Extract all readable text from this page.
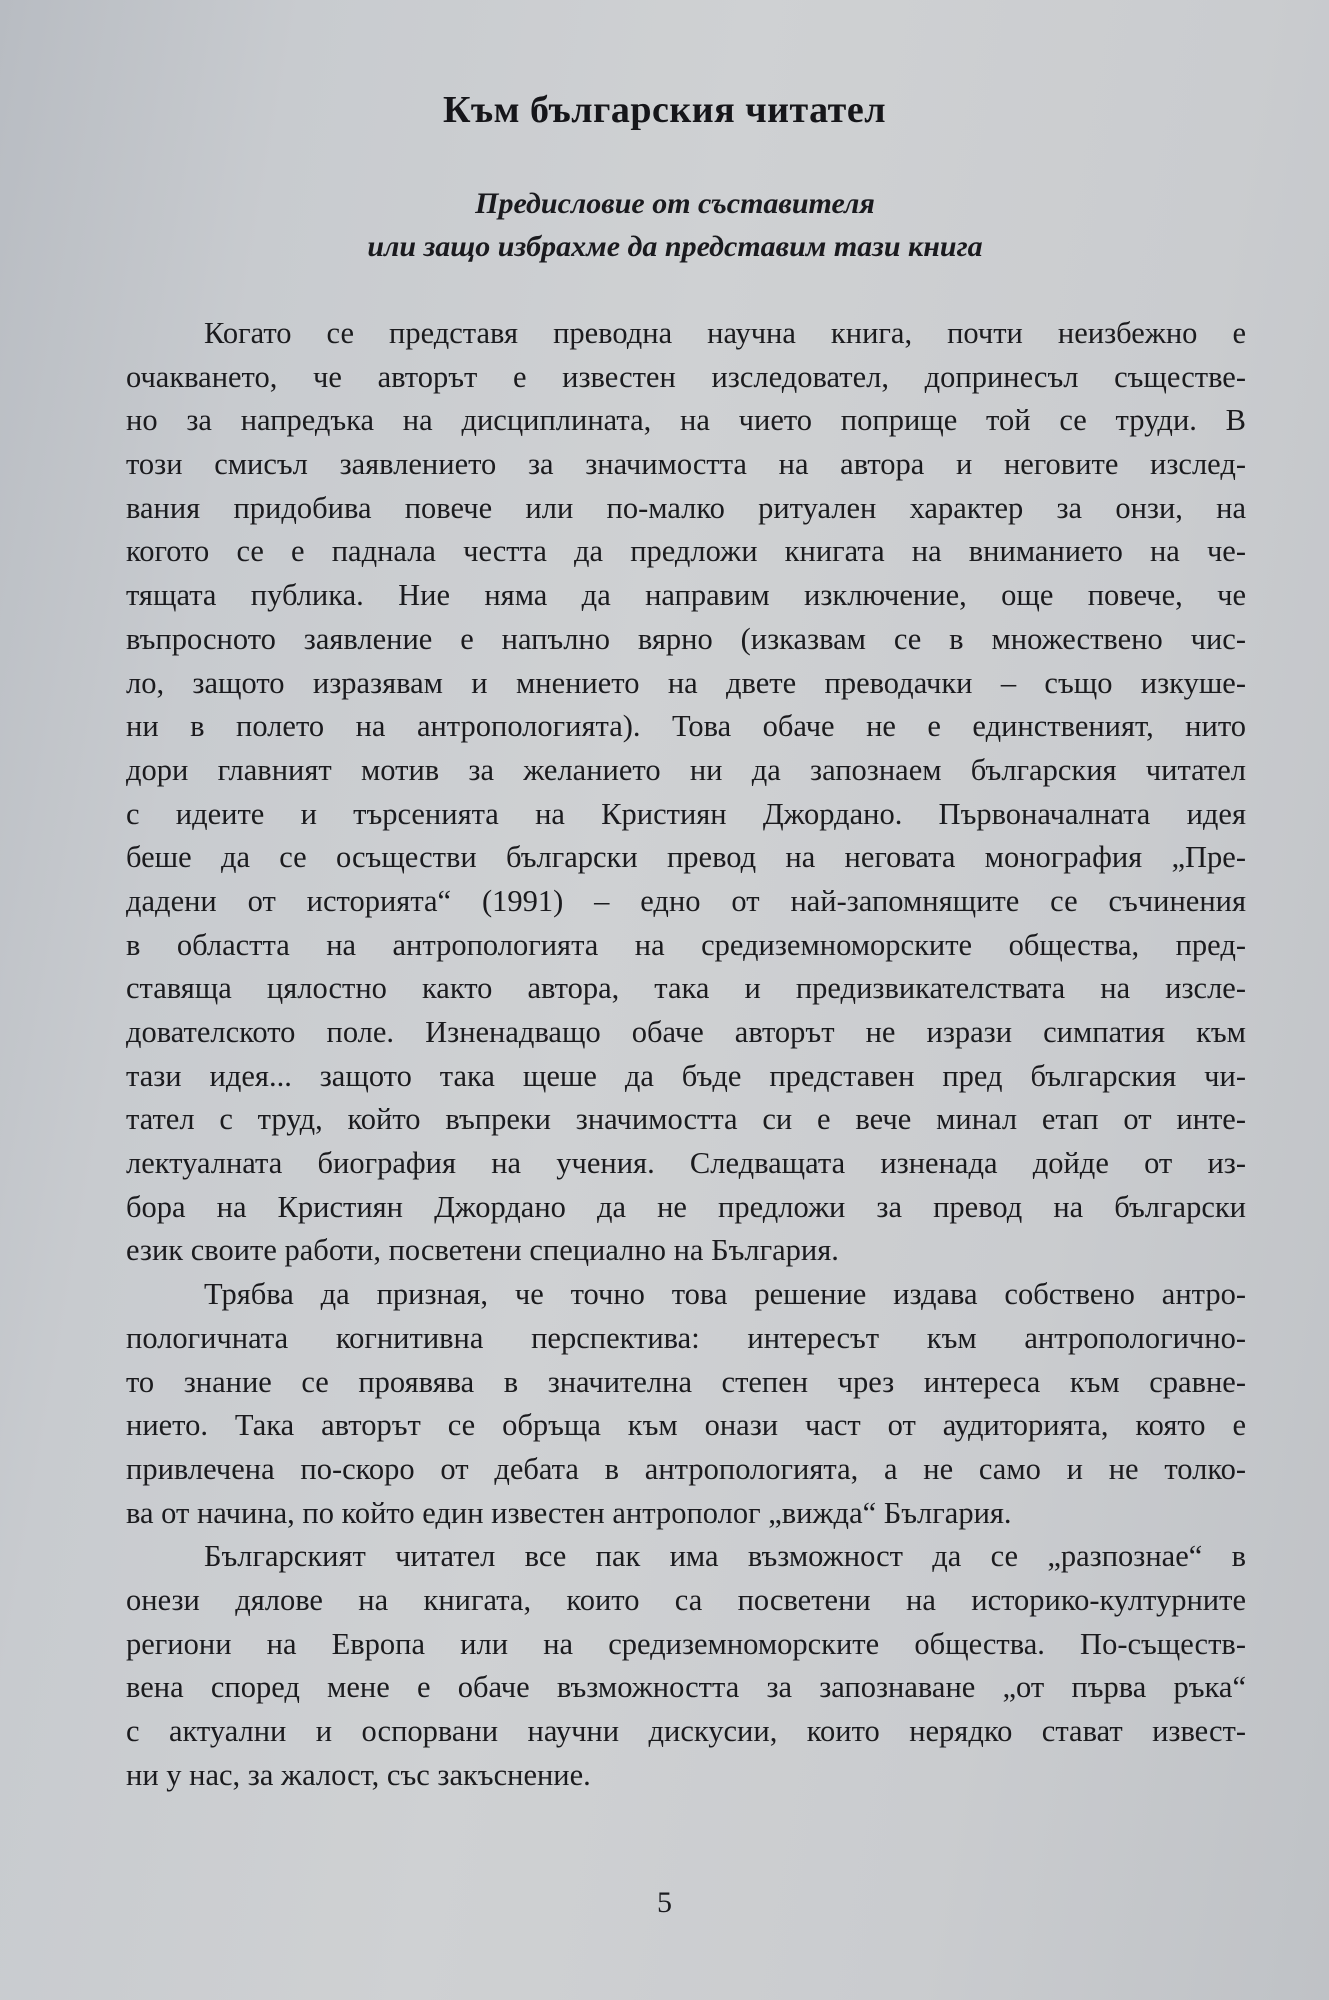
Към българския читател
Предисловие от съставителя
или защо избрахме да представим тази книга
Когато се представя преводна научна книга, почти неизбежно е
очакването, че авторът е известен изследовател, допринесъл съществе-
но за напредъка на дисциплината, на чието поприще той се труди. В
този смисъл заявлението за значимостта на автора и неговите изслед-
вания придобива повече или по-малко ритуален характер за онзи, на
когото се е паднала честта да предложи книгата на вниманието на че-
тящата публика. Ние няма да направим изключение, още повече, че
въпросното заявление е напълно вярно (изказвам се в множествено чис-
ло, защото изразявам и мнението на двете преводачки – също изкуше-
ни в полето на антропологията). Това обаче не е единственият, нито
дори главният мотив за желанието ни да запознаем българския читател
с идеите и търсенията на Кристиян Джордано. Първоначалната идея
беше да се осъществи български превод на неговата монография „Пре-
дадени от историята“ (1991) – едно от най-запомнящите се съчинения
в областта на антропологията на средиземноморските общества, пред-
ставяща цялостно както автора, така и предизвикателствата на изсле-
дователското поле. Изненадващо обаче авторът не изрази симпатия към
тази идея... защото така щеше да бъде представен пред българския чи-
тател с труд, който въпреки значимостта си е вече минал етап от инте-
лектуалната биография на учения. Следващата изненада дойде от из-
бора на Кристиян Джордано да не предложи за превод на български
език своите работи, посветени специално на България.
Трябва да призная, че точно това решение издава собствено антро-
пологичната когнитивна перспектива: интересът към антропологично-
то знание се проявява в значителна степен чрез интереса към сравне-
нието. Така авторът се обръща към онази част от аудиторията, която е
привлечена по-скоро от дебата в антропологията, а не само и не толко-
ва от начина, по който един известен антрополог „вижда“ България.
Българският читател все пак има възможност да се „разпознае“ в
онези дялове на книгата, които са посветени на историко-културните
региони на Европа или на средиземноморските общества. По-съществ-
вена според мене е обаче възможността за запознаване „от първа ръка“
с актуални и оспорвани научни дискусии, които нерядко стават извест-
ни у нас, за жалост, със закъснение.
5
